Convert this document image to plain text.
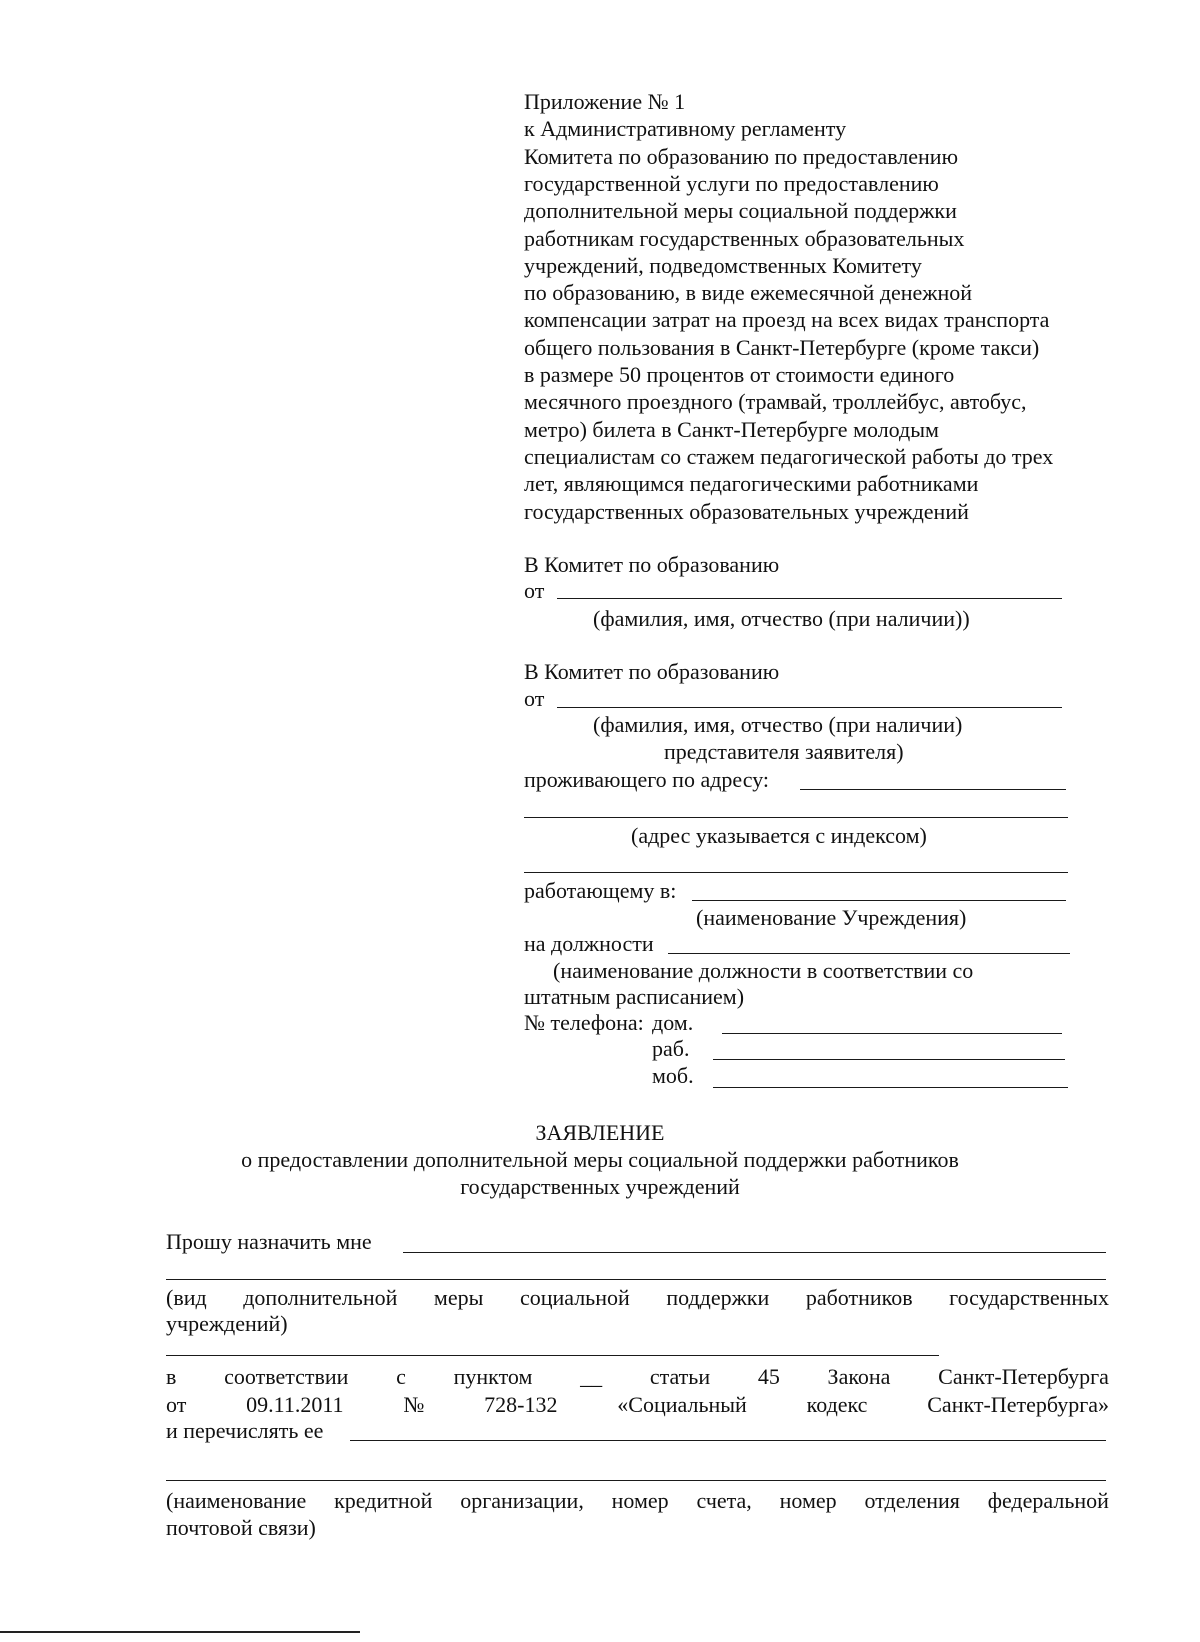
Приложение № 1
к Административному регламенту
Комитета по образованию по предоставлению
государственной услуги по предоставлению
дополнительной меры социальной поддержки
работникам государственных образовательных
учреждений, подведомственных Комитету
по образованию, в виде ежемесячной денежной
компенсации затрат на проезд на всех видах транспорта
общего пользования в Санкт-Петербурге (кроме такси)
в размере 50 процентов от стоимости единого
месячного проездного (трамвай, троллейбус, автобус,
метро) билета в Санкт-Петербурге молодым
специалистам со стажем педагогической работы до трех
лет, являющимся педагогическими работниками
государственных образовательных учреждений
В Комитет по образованию
от
(фамилия, имя, отчество (при наличии))
В Комитет по образованию
от
(фамилия, имя, отчество (при наличии)
представителя заявителя)
проживающего по адресу:
(адрес указывается с индексом)
работающему в:
(наименование Учреждения)
на должности
(наименование должности в соответствии со
штатным расписанием)
№ телефона: дом.
раб.
моб.
ЗАЯВЛЕНИЕ
о предоставлении дополнительной меры социальной поддержки работников
государственных учреждений
Прошу назначить мне
(вид дополнительной меры социальной поддержки работников государственных
учреждений)
в соответствии с пунктом __ статьи 45 Закона Санкт-Петербурга
от	09.11.2011	№	728-132	«Социальный	кодекс	Санкт-Петербурга»
и перечислять ее
(наименование кредитной организации, номер счета, номер отделения федеральной
почтовой связи)
